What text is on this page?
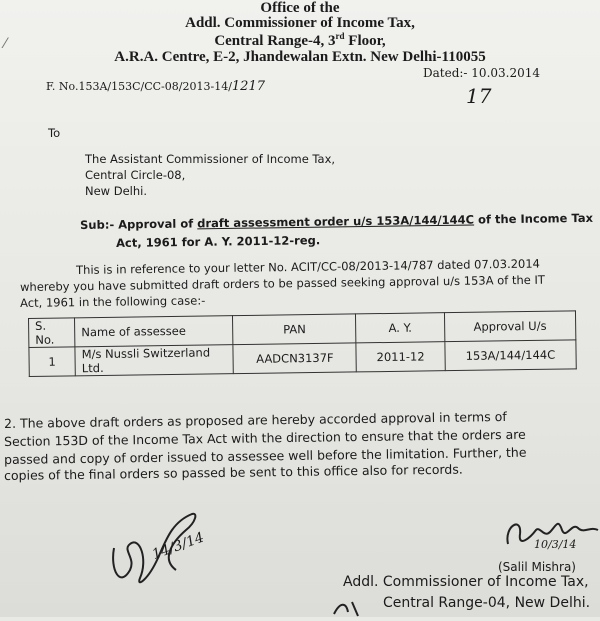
Office of the
Addl. Commissioner of Income Tax,
Central Range-4, 3rd Floor,
A.R.A. Centre, E-2, Jhandewalan Extn. New Delhi-110055
⁄
F. No.153A/153C/CC-08/2013-14/1217
Dated:- 10.03.2014
17
To
The Assistant Commissioner of Income Tax,
Central Circle-08,
New Delhi.
Sub:- Approval of draft assessment order u/s 153A/144/144C of the Income Tax
Act, 1961 for A. Y. 2011-12-reg.
This is in reference to your letter No. ACIT/CC-08/2013-14/787 dated 07.03.2014
whereby you have submitted draft orders to be passed seeking approval u/s 153A of the IT
Act, 1961 in the following case:-
S. No.	Name of assessee	PAN	A. Y.	Approval U/s
1	M/s Nussli Switzerland Ltd.	AADCN3137F	2011-12	153A/144/144C
2. The above draft orders as proposed are hereby accorded approval in terms of
Section 153D of the Income Tax Act with the direction to ensure that the orders are
passed and copy of order issued to assessee well before the limitation. Further, the
copies of the final orders so passed be sent to this office also for records.
14/3/14	10/3/14
(Salil Mishra)
Addl. Commissioner of Income Tax,
Central Range-04, New Delhi.
